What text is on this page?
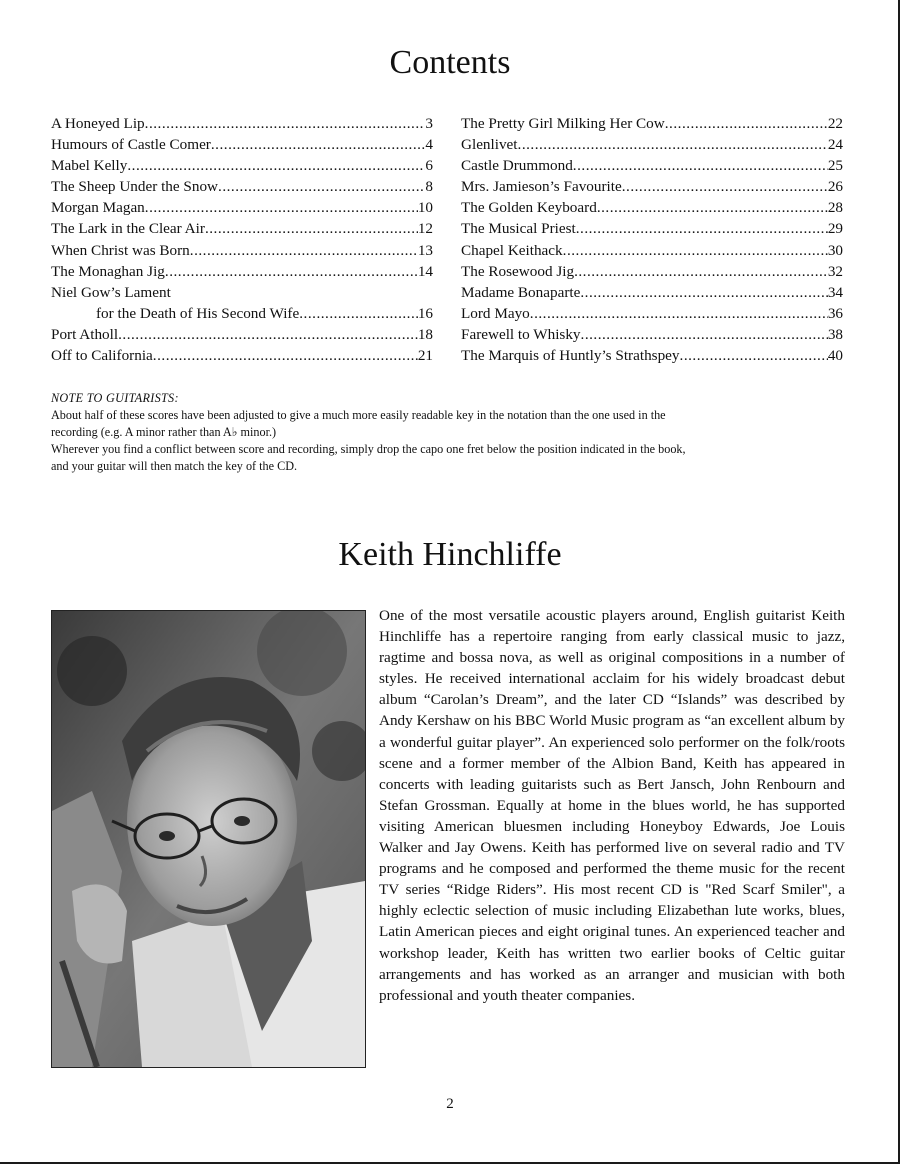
Contents
A Honeyed Lip .....	3
Humours of Castle Comer .....	4
Mabel Kelly .....	6
The Sheep Under the Snow .....	8
Morgan Magan .....	10
The Lark in the Clear Air .....	12
When Christ was Born .....	13
The Monaghan Jig .....	14
Niel Gow’s Lament
for the Death of His Second Wife .....	16
Port Atholl .....	18
Off to California .....	21
The Pretty Girl Milking Her Cow .....	22
Glenlivet .....	24
Castle Drummond .....	25
Mrs. Jamieson’s Favourite .....	26
The Golden Keyboard .....	28
The Musical Priest .....	29
Chapel Keithack .....	30
The Rosewood Jig .....	32
Madame Bonaparte .....	34
Lord Mayo .....	36
Farewell to Whisky .....	38
The Marquis of Huntly’s Strathspey .....	40
NOTE TO GUITARISTS:
About half of these scores have been adjusted to give a much more easily readable key in the notation than the one used in the
recording (e.g. A minor rather than A♭ minor.)
Wherever you find a conflict between score and recording, simply drop the capo one fret below the position indicated in the book,
and your guitar will then match the key of the CD.
Keith Hinchliffe

One of the most versatile acoustic players around, English guitarist Keith Hinchliffe has a repertoire ranging from early classical music to jazz, ragtime and bossa nova, as well as original compositions in a number of styles. He received international acclaim for his widely broadcast debut album “Carolan’s Dream”, and the later CD “Islands” was described by Andy Kershaw on his BBC World Music program as “an excellent album by a wonderful guitar player”. An experienced solo performer on the folk/roots scene and a former member of the Albion Band, Keith has appeared in concerts with leading guitarists such as Bert Jansch, John Renbourn and Stefan Grossman. Equally at home in the blues world, he has supported visiting American bluesmen including Honeyboy Edwards, Joe Louis Walker and Jay Owens. Keith has performed live on several radio and TV programs and he composed and performed the theme music for the recent TV series “Ridge Riders”. His most recent CD is "Red Scarf Smiler", a highly eclectic selection of music including Elizabethan lute works, blues, Latin American pieces and eight original tunes. An experienced teacher and workshop leader, Keith has written two earlier books of Celtic guitar arrangements and has worked as an arranger and musician with both professional and youth theater companies.

2
